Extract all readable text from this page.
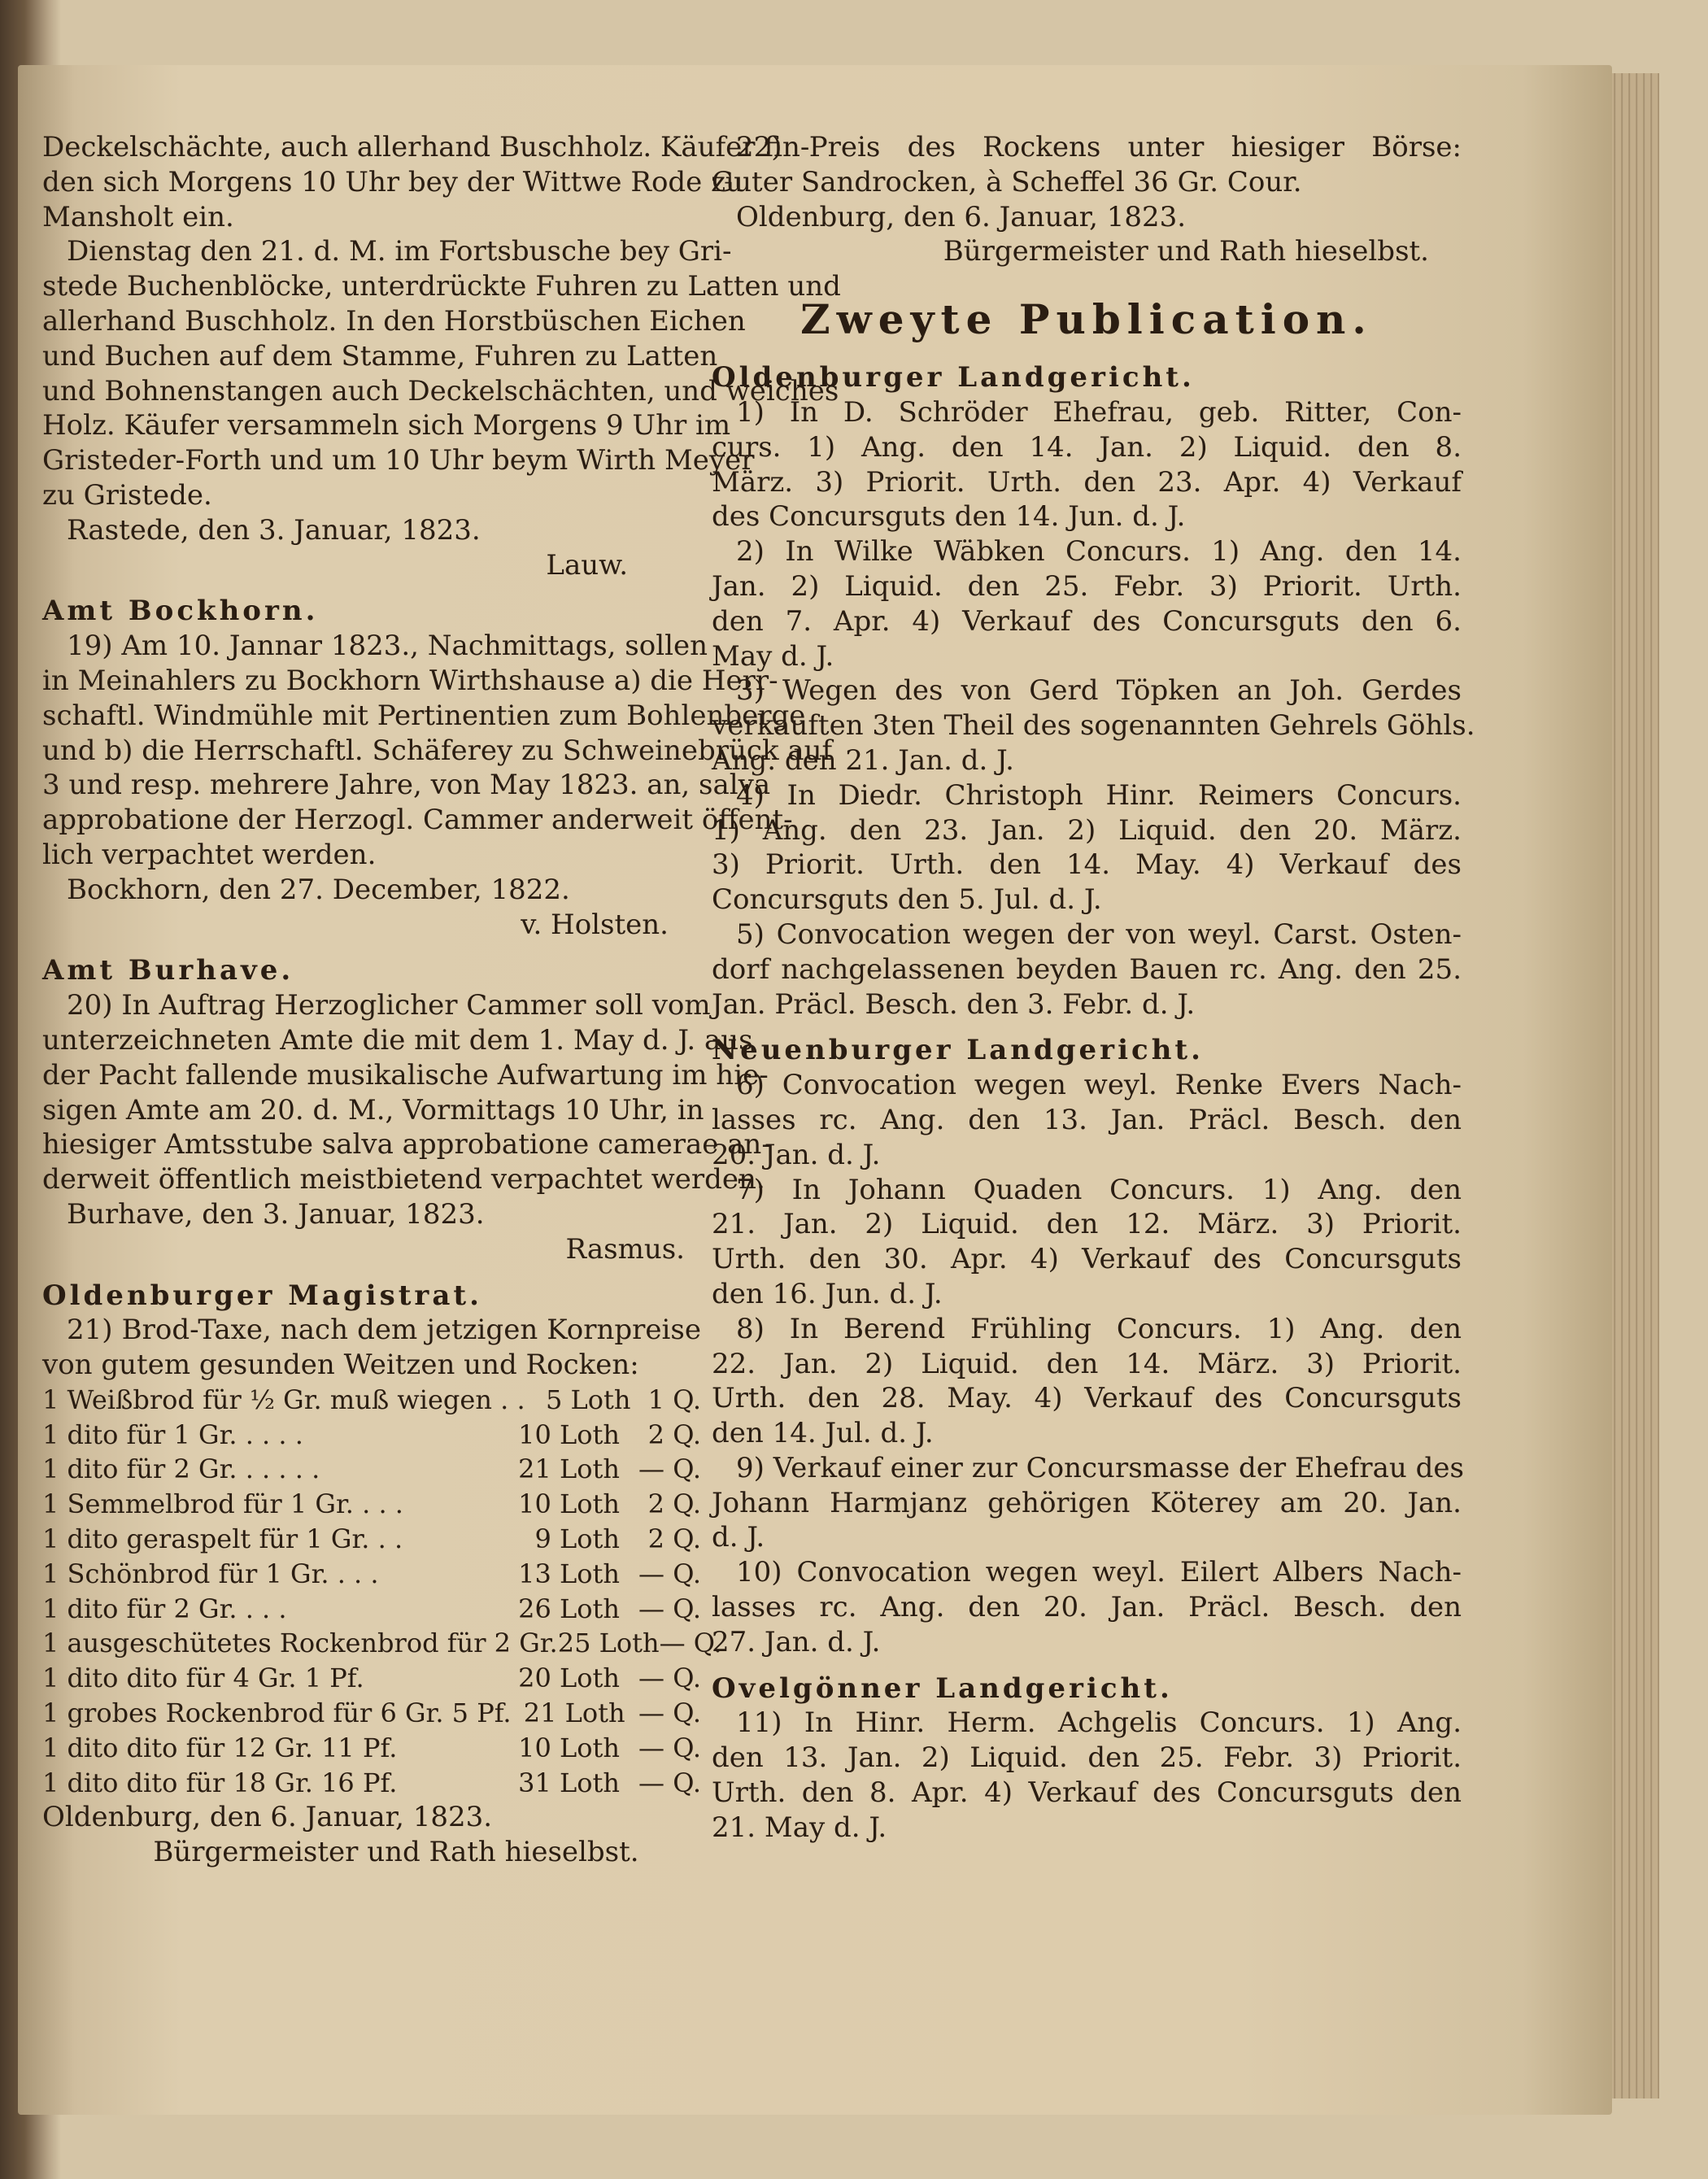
Deckelschächte, auch allerhand Buschholz. Käufer fin-
den sich Morgens 10 Uhr bey der Wittwe Rode zu
Mansholt ein.
Dienstag den 21. d. M. im Fortsbusche bey Gri-
stede Buchenblöcke, unterdrückte Fuhren zu Latten und
allerhand Buschholz. In den Horstbüschen Eichen
und Buchen auf dem Stamme, Fuhren zu Latten
und Bohnenstangen auch Deckelschächten, und weiches
Holz. Käufer versammeln sich Morgens 9 Uhr im
Gristeder-Forth und um 10 Uhr beym Wirth Meyer
zu Gristede.
Rastede, den 3. Januar, 1823.
Lauw.
Amt Bockhorn.
19) Am 10. Jannar 1823., Nachmittags, sollen
in Meinahlers zu Bockhorn Wirthshause a) die Herr-
schaftl. Windmühle mit Pertinentien zum Bohlenberge
und b) die Herrschaftl. Schäferey zu Schweinebrück auf
3 und resp. mehrere Jahre, von May 1823. an, salva
approbatione der Herzogl. Cammer anderweit öffent-
lich verpachtet werden.
Bockhorn, den 27. December, 1822.
v. Holsten.
Amt Burhave.
20) In Auftrag Herzoglicher Cammer soll vom
unterzeichneten Amte die mit dem 1. May d. J. aus
der Pacht fallende musikalische Aufwartung im hie-
sigen Amte am 20. d. M., Vormittags 10 Uhr, in
hiesiger Amtsstube salva approbatione camerae an-
derweit öffentlich meistbietend verpachtet werden.
Burhave, den 3. Januar, 1823.
Rasmus.
Oldenburger Magistrat.
21) Brod-Taxe, nach dem jetzigen Kornpreise
von gutem gesunden Weitzen und Rocken:
1 Weißbrod für ½ Gr. muß wiegen . . 5 Loth 1 Q.
1 dito für 1 Gr. . . . .	10 Loth	2 Q.
1 dito für 2 Gr. . . . . .	21 Loth — Q.
1 Semmelbrod für 1 Gr. . . .	10 Loth	2 Q.
1 dito geraspelt für 1 Gr. . .	9 Loth	2 Q.
1 Schönbrod für 1 Gr. . . .	13 Loth — Q.
1 dito für 2 Gr. . . .	26 Loth — Q.
1 ausgeschütetes Rockenbrod für 2 Gr. 25 Loth — Q.
1 dito dito für 4 Gr. 1 Pf.	20 Loth — Q.
1 grobes Rockenbrod für 6 Gr. 5 Pf. 21 Loth — Q.
1 dito dito für 12 Gr. 11 Pf.	10 Loth — Q.
1 dito dito für 18 Gr. 16 Pf.	31 Loth — Q.
Oldenburg, den 6. Januar, 1823.
Bürgermeister und Rath hieselbst.
22) Preis des Rockens unter hiesiger Börse:
Guter Sandrocken, à Scheffel 36 Gr. Cour.
Oldenburg, den 6. Januar, 1823.
Bürgermeister und Rath hieselbst.
Zweyte Publication.
Oldenburger Landgericht.
1) In D. Schröder Ehefrau, geb. Ritter, Con-
curs. 1) Ang. den 14. Jan. 2) Liquid. den 8.
März. 3) Priorit. Urth. den 23. Apr. 4) Verkauf
des Concursguts den 14. Jun. d. J.
2) In Wilke Wäbken Concurs. 1) Ang. den 14.
Jan. 2) Liquid. den 25. Febr. 3) Priorit. Urth.
den 7. Apr. 4) Verkauf des Concursguts den 6.
May d. J.
3) Wegen des von Gerd Töpken an Joh. Gerdes
verkauften 3ten Theil des sogenannten Gehrels Göhls.
Ang. den 21. Jan. d. J.
4) In Diedr. Christoph Hinr. Reimers Concurs.
1) Ang. den 23. Jan. 2) Liquid. den 20. März.
3) Priorit. Urth. den 14. May. 4) Verkauf des
Concursguts den 5. Jul. d. J.
5) Convocation wegen der von weyl. Carst. Osten-
dorf nachgelassenen beyden Bauen rc. Ang. den 25.
Jan. Präcl. Besch. den 3. Febr. d. J.
Neuenburger Landgericht.
6) Convocation wegen weyl. Renke Evers Nach-
lasses rc. Ang. den 13. Jan. Präcl. Besch. den
20. Jan. d. J.
7) In Johann Quaden Concurs. 1) Ang. den
21. Jan. 2) Liquid. den 12. März. 3) Priorit.
Urth. den 30. Apr. 4) Verkauf des Concursguts
den 16. Jun. d. J.
8) In Berend Frühling Concurs. 1) Ang. den
22. Jan. 2) Liquid. den 14. März. 3) Priorit.
Urth. den 28. May. 4) Verkauf des Concursguts
den 14. Jul. d. J.
9) Verkauf einer zur Concursmasse der Ehefrau des
Johann Harmjanz gehörigen Köterey am 20. Jan.
d. J.
10) Convocation wegen weyl. Eilert Albers Nach-
lasses rc. Ang. den 20. Jan. Präcl. Besch. den
27. Jan. d. J.
Ovelgönner Landgericht.
11) In Hinr. Herm. Achgelis Concurs. 1) Ang.
den 13. Jan. 2) Liquid. den 25. Febr. 3) Priorit.
Urth. den 8. Apr. 4) Verkauf des Concursguts den
21. May d. J.
